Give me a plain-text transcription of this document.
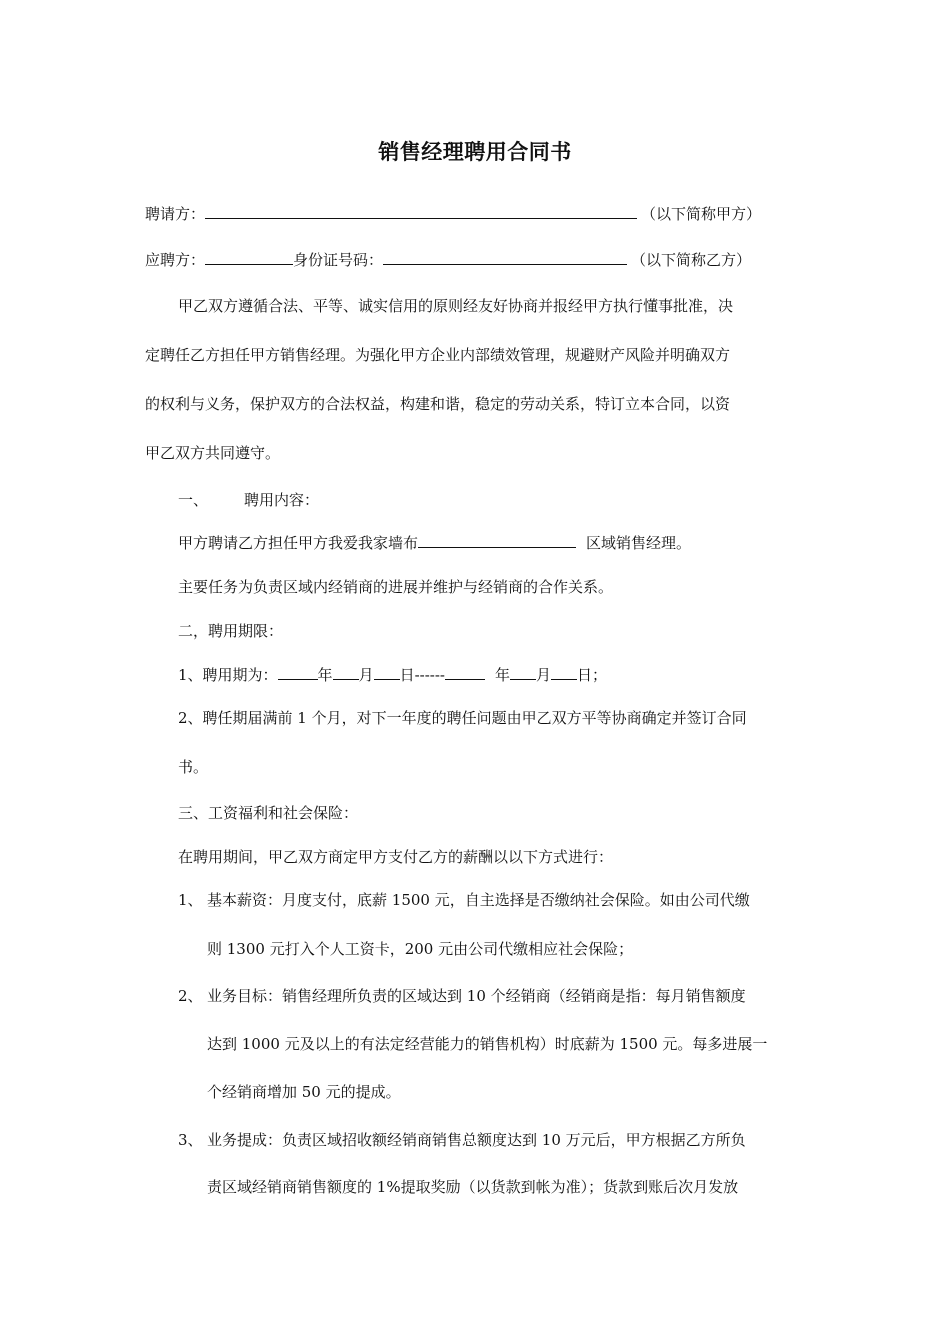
销售经理聘用合同书
聘请方：	（以下简称甲方）
应聘方：	身份证号码：	（以下简称乙方）
甲乙双方遵循合法、平等、诚实信用的原则经友好协商并报经甲方执行懂事批准，决
定聘任乙方担任甲方销售经理。为强化甲方企业内部绩效管理，规避财产风险并明确双方
的权利与义务，保护双方的合法权益，构建和谐，稳定的劳动关系，特订立本合同，以资
甲乙双方共同遵守。
一、 聘用内容：
甲方聘请乙方担任甲方我爱我家墙布	区域销售经理。
主要任务为负责区域内经销商的进展并维护与经销商的合作关系。
二，聘用期限：
1、聘用期为：	年 月 日------	年 月 日；
2、聘任期届满前 1 个月，对下一年度的聘任问题由甲乙双方平等协商确定并签订合同
书。
三、工资福利和社会保险：
在聘用期间，甲乙双方商定甲方支付乙方的薪酬以以下方式进行：
1、 基本薪资：月度支付，底薪 1500 元，自主选择是否缴纳社会保险。如由公司代缴
则 1300 元打入个人工资卡，200 元由公司代缴相应社会保险；
2、 业务目标：销售经理所负责的区域达到 10 个经销商（经销商是指：每月销售额度
达到 1000 元及以上的有法定经营能力的销售机构）时底薪为 1500 元。每多进展一
个经销商增加 50 元的提成。
3、 业务提成：负责区域招收额经销商销售总额度达到 10 万元后，甲方根据乙方所负
责区域经销商销售额度的 1%提取奖励（以货款到帐为准）；货款到账后次月发放
